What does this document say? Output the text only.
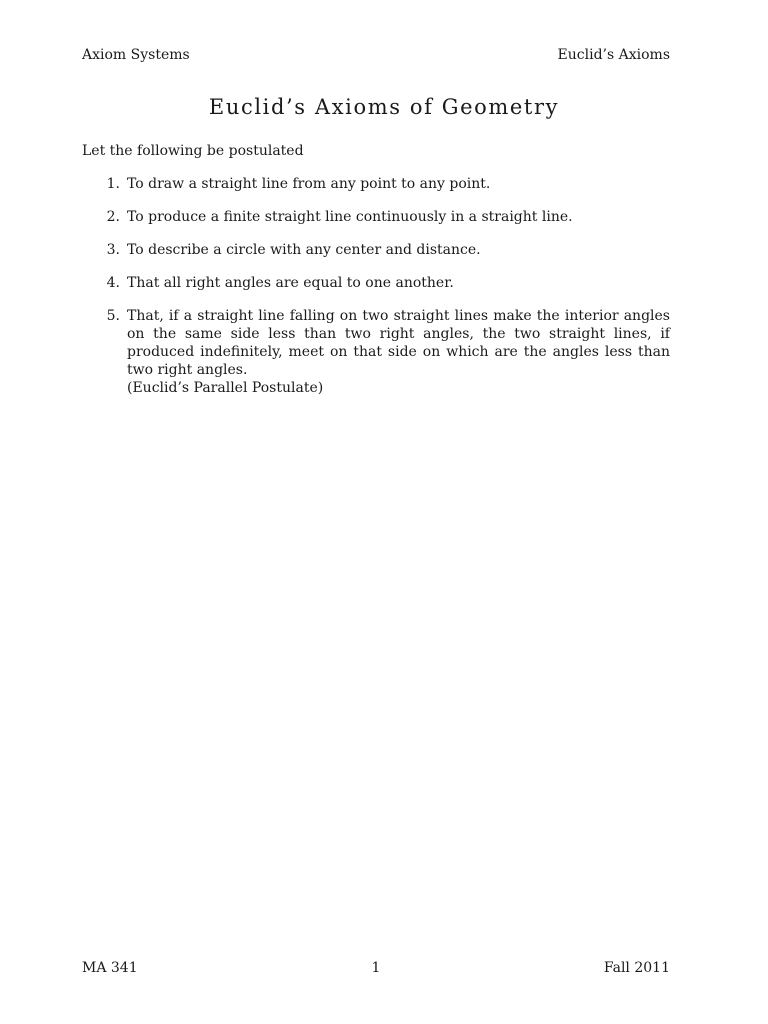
Axiom Systems	Euclid’s Axioms
Euclid’s Axioms of Geometry

Let the following be postulated

1. To draw a straight line from any point to any point.
2. To produce a finite straight line continuously in a straight line.
3. To describe a circle with any center and distance.
4. That all right angles are equal to one another.
5. That, if a straight line falling on two straight lines make the interior angles on the same side less than two right angles, the two straight lines, if produced indefinitely, meet on that side on which are the angles less than two right angles.
(Euclid’s Parallel Postulate)
MA 341	1	Fall 2011
